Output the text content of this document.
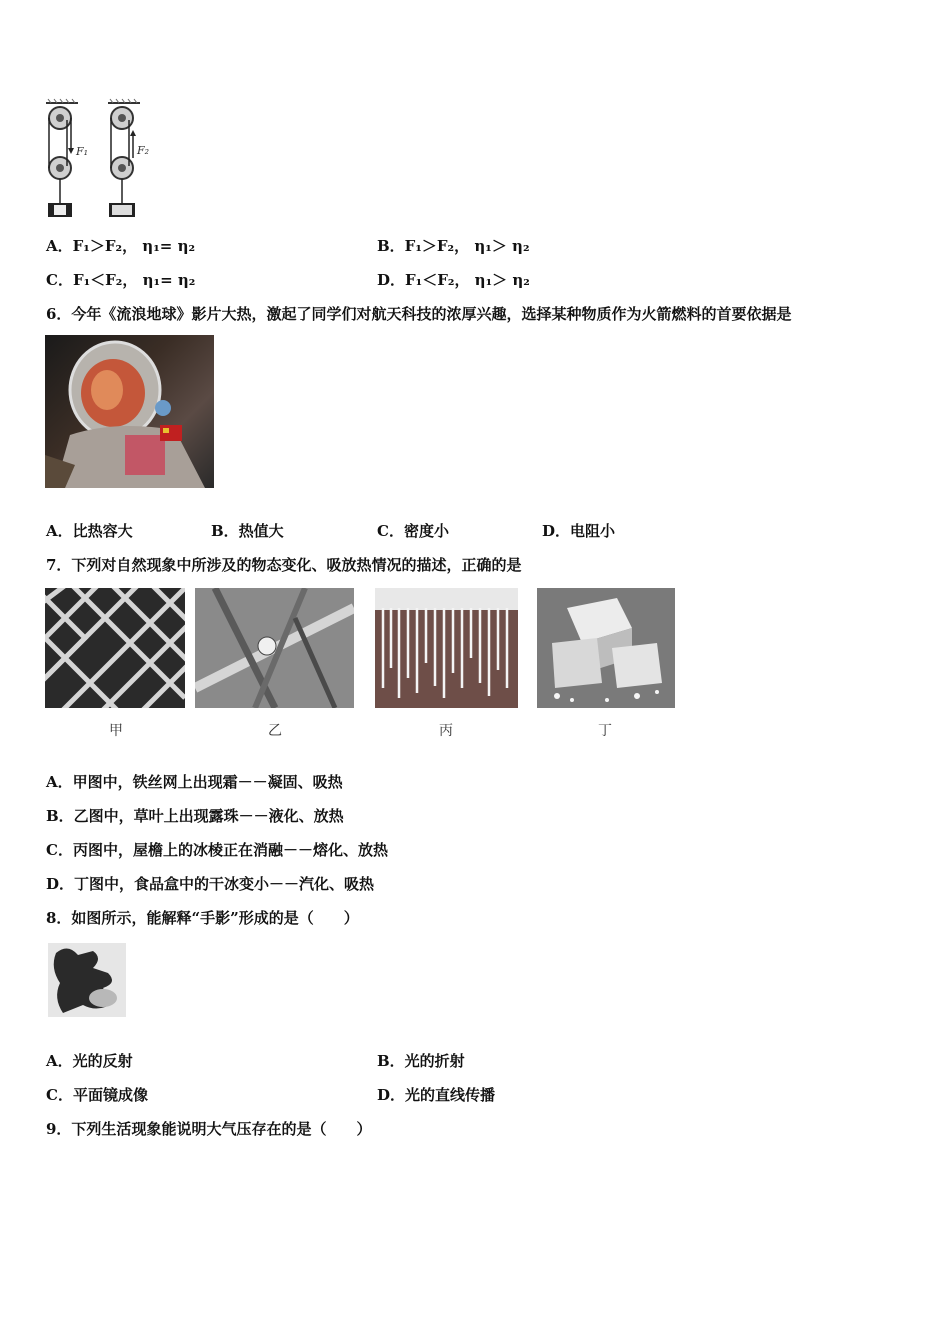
F₁	F₂
A．F₁＞F₂， η₁= η₂	B．F₁＞F₂， η₁＞ η₂
C．F₁＜F₂， η₁= η₂	D．F₁＜F₂， η₁＞ η₂
6．今年《流浪地球》影片大热，激起了同学们对航天科技的浓厚兴趣，选择某种物质作为火箭燃料的首要依据是
A．比热容大	B．热值大	C．密度小	D．电阻小
7．下列对自然现象中所涉及的物态变化、吸放热情况的描述，正确的是
甲	乙	丙	丁
A．甲图中，铁丝网上出现霜－－凝固、吸热
B．乙图中，草叶上出现露珠－－液化、放热
C．丙图中，屋檐上的冰棱正在消融－－熔化、放热
D．丁图中，食品盒中的干冰变小－－汽化、吸热
8．如图所示，能解释“手影”形成的是（　　）
A．光的反射	B．光的折射
C．平面镜成像	D．光的直线传播
9．下列生活现象能说明大气压存在的是（　　）
